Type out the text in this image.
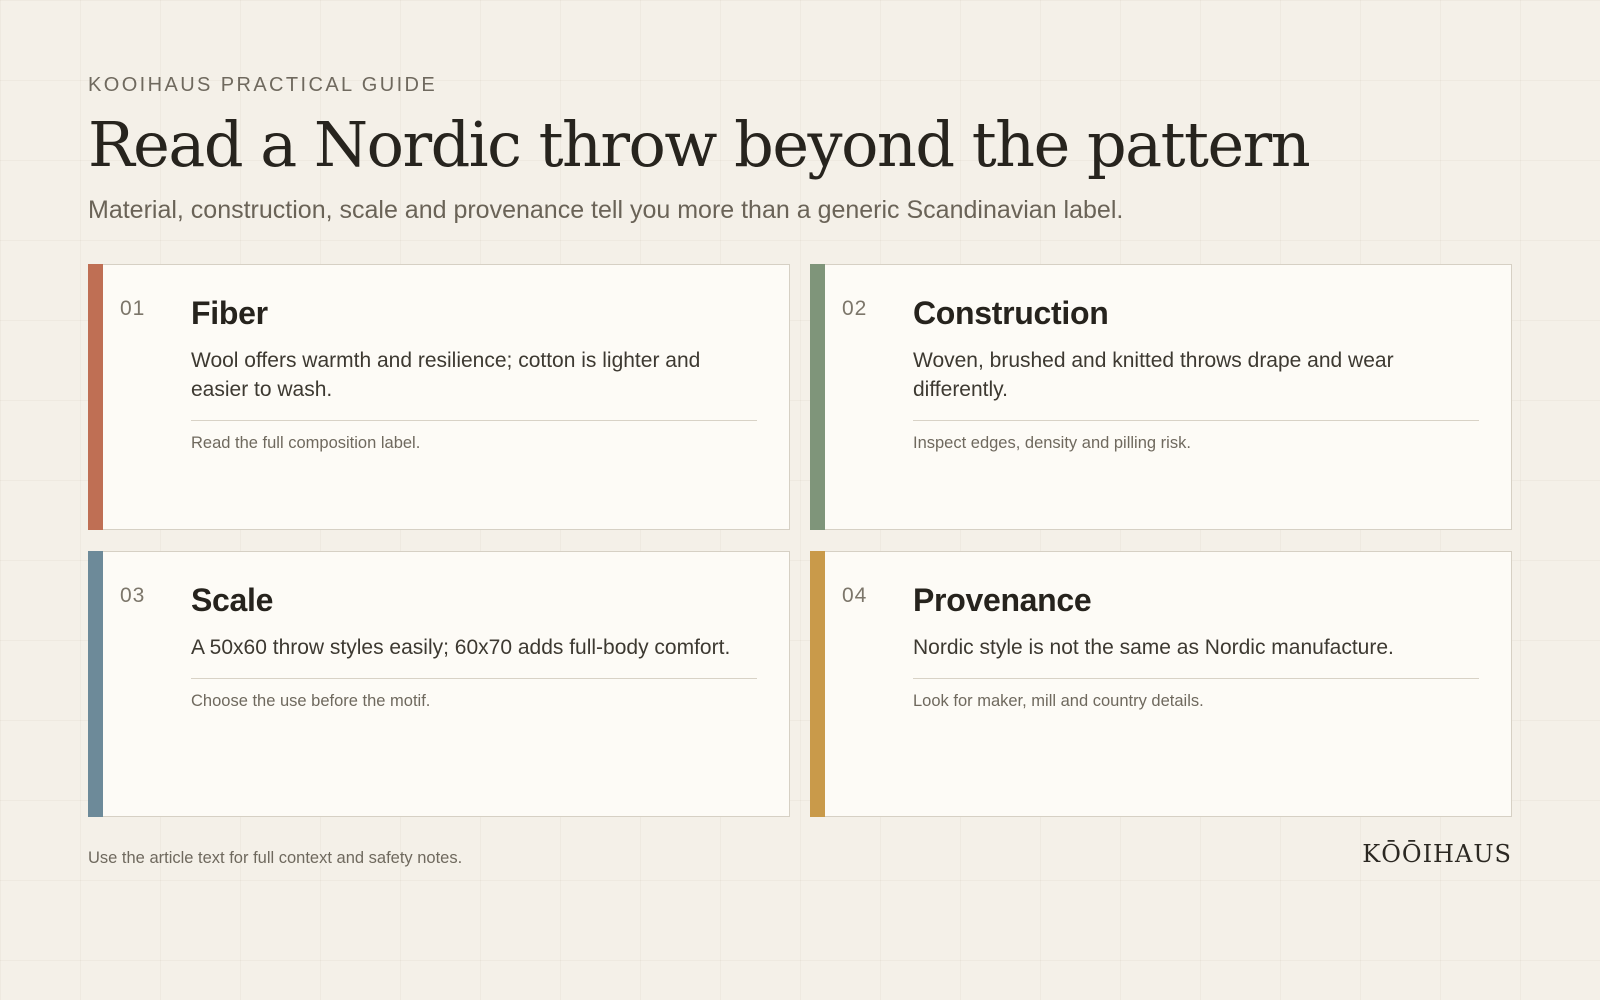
KOOIHAUS PRACTICAL GUIDE
Read a Nordic throw beyond the pattern
Material, construction, scale and provenance tell you more than a generic Scandinavian label.
01 Fiber

Wool offers warmth and resilience; cotton is lighter and easier to wash.

Read the full composition label.
02 Construction

Woven, brushed and knitted throws drape and wear differently.

Inspect edges, density and pilling risk.
03 Scale

A 50x60 throw styles easily; 60x70 adds full-body comfort.

Choose the use before the motif.
04 Provenance

Nordic style is not the same as Nordic manufacture.

Look for maker, mill and country details.
Use the article text for full context and safety notes.	KŌŌIHAUS
